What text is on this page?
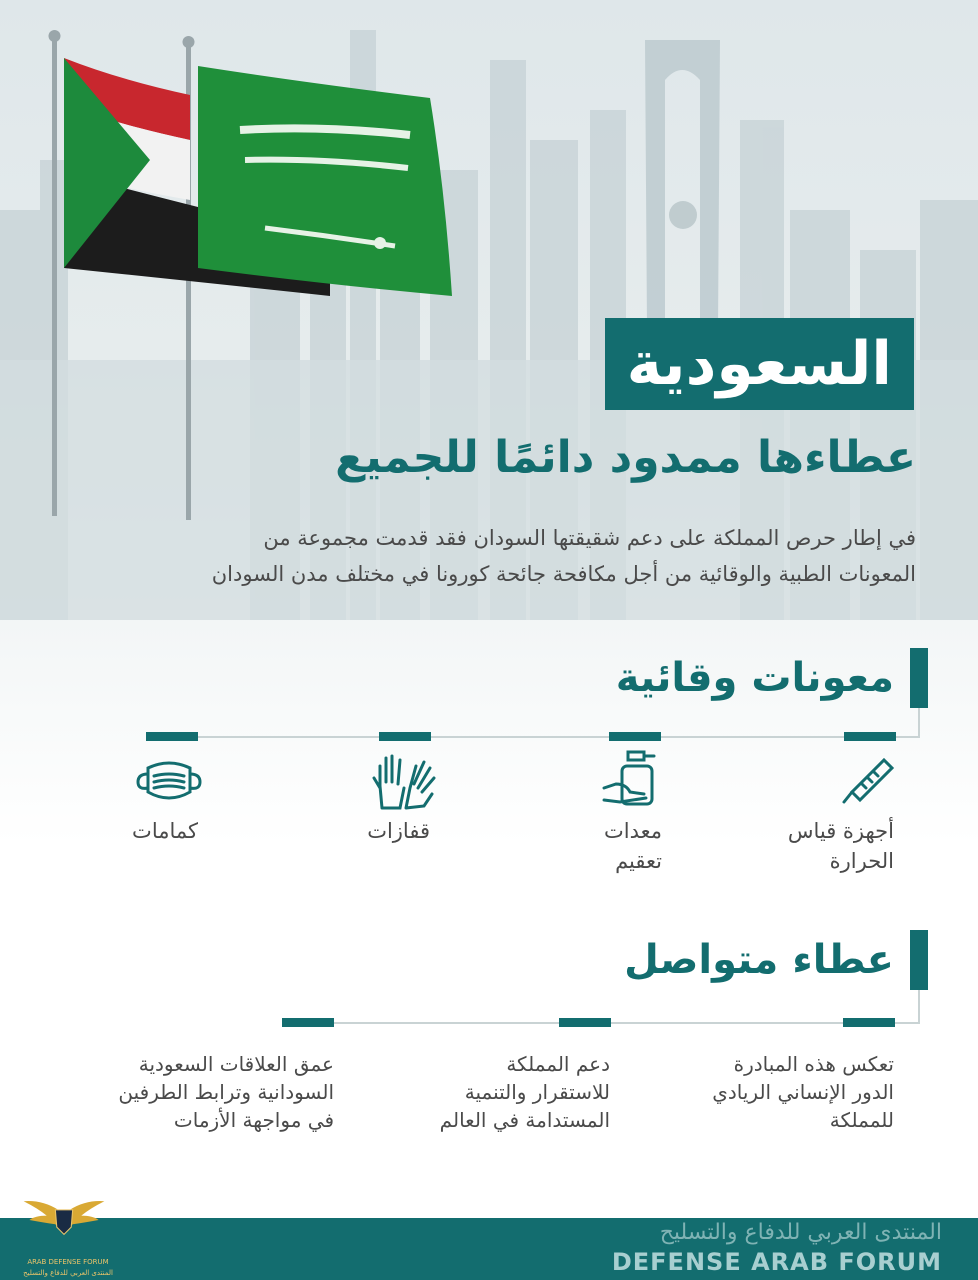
السعودية
عطاءها ممدود دائمًا للجميع
في إطار حرص المملكة على دعم شقيقتها السودان فقد قدمت مجموعة من
المعونات الطبية والوقائية من أجل مكافحة جائحة كورونا في مختلف مدن السودان
معونات وقائية
أجهزة قياس
الحرارة
معدات
تعقيم
قفازات
كمامات
عطاء متواصل
تعكس هذه المبادرة
الدور الإنساني الريادي
للمملكة
دعم المملكة
للاستقرار والتنمية
المستدامة في العالم
عمق العلاقات السعودية
السودانية وترابط الطرفين
في مواجهة الأزمات
المنتدى العربي للدفاع والتسليح
DEFENSE ARAB FORUM
ARAB DEFENSE FORUM
المنتدى العربي للدفاع والتسليح
